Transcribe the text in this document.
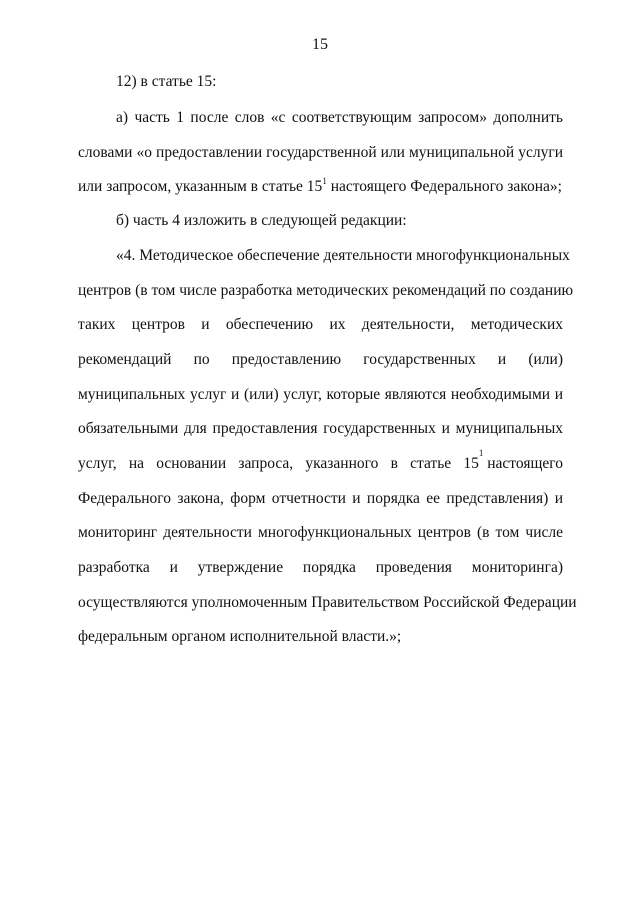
15
12) в статье 15:
а) часть 1 после слов «с соответствующим запросом» дополнить
словами «о предоставлении государственной или муниципальной услуги
или запросом, указанным в статье $15^1$ настоящего Федерального закона»;
б) часть 4 изложить в следующей редакции:
«4. Методическое обеспечение деятельности многофункциональных
центров (в том числе разработка методических рекомендаций по созданию
таких центров и обеспечению их деятельности, методических
рекомендаций по предоставлению государственных и (или)
муниципальных услуг и (или) услуг, которые являются необходимыми и
обязательными для предоставления государственных и муниципальных
услуг, на основании запроса, указанного в статье 15
$^1$
настоящего
Федерального закона, форм отчетности и порядка ее представления) и
мониторинг деятельности многофункциональных центров (в том числе
разработка и утверждение порядка проведения мониторинга)
осуществляются уполномоченным Правительством Российской Федерации
федеральным органом исполнительной власти.»;
